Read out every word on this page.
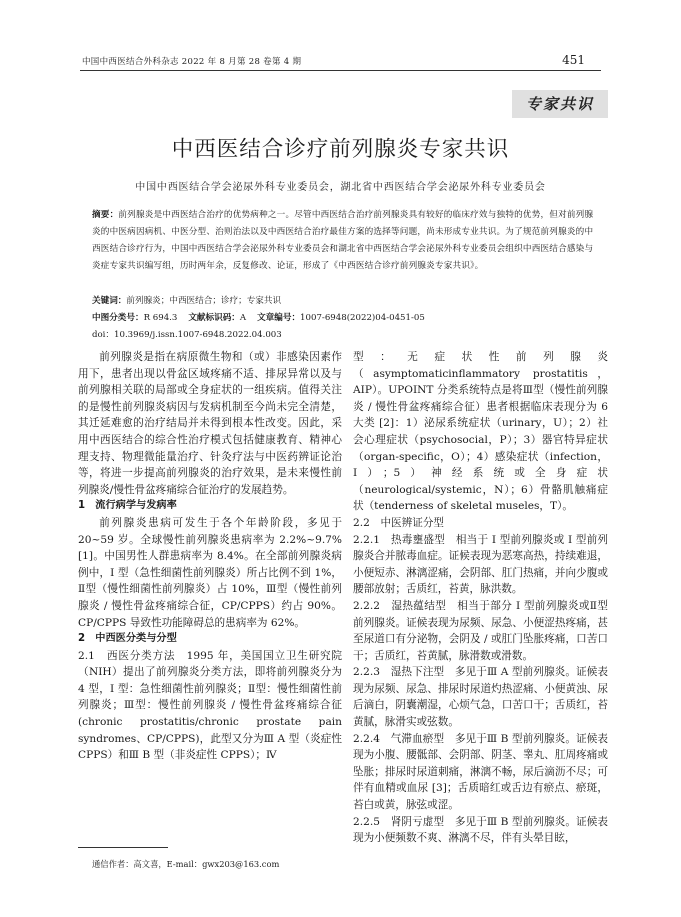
中国中西医结合外科杂志 2022 年 8 月第 28 卷第 4 期	451
专家共识
中西医结合诊疗前列腺炎专家共识
中国中西医结合学会泌尿外科专业委员会，湖北省中西医结合学会泌尿外科专业委员会
摘要：前列腺炎是中西医结合治疗的优势病种之一。尽管中西医结合治疗前列腺炎具有较好的临床疗效与独特的优势，但对前列腺炎的中医病因病机、中医分型、治则治法以及中西医结合治疗最佳方案的选择等问题，尚未形成专业共识。为了规范前列腺炎的中西医结合诊疗行为，中国中西医结合学会泌尿外科专业委员会和湖北省中西医结合学会泌尿外科专业委员会组织中西医结合感染与炎症专家共识编写组，历时两年余，反复修改、论证，形成了《中西医结合诊疗前列腺炎专家共识》。
关键词：前列腺炎；中西医结合；诊疗；专家共识
中图分类号：R 694.3 文献标识码：A 文章编号：1007-6948(2022)04-0451-05
doi：10.3969/j.issn.1007-6948.2022.04.003

前列腺炎是指在病原微生物和（或）非感染因素作用下，患者出现以骨盆区域疼痛不适、排尿异常以及与前列腺相关联的局部或全身症状的一组疾病。值得关注的是慢性前列腺炎病因与发病机制至今尚未完全清楚，其迁延难愈的治疗结局并未得到根本性改变。因此，采用中西医结合的综合性治疗模式包括健康教育、精神心理支持、物理微能量治疗、针灸疗法与中医药辨证论治等，将进一步提高前列腺炎的治疗效果，是未来慢性前列腺炎/慢性骨盆疼痛综合征治疗的发展趋势。

1　流行病学与发病率

前列腺炎患病可发生于各个年龄阶段，多见于 20~59 岁。全球慢性前列腺炎患病率为 2.2%~9.7%[1]。中国男性人群患病率为 8.4%。在全部前列腺炎病例中，I 型（急性细菌性前列腺炎）所占比例不到 1%，Ⅱ型（慢性细菌性前列腺炎）占 10%，Ⅲ型（慢性前列腺炎 / 慢性骨盆疼痛综合征，CP/CPPS）约占 90%。CP/CPPS 导致性功能障碍总的患病率为 62%。

2　中西医分类与分型

2.1　西医分类方法　 1995 年，美国国立卫生研究院（NIH）提出了前列腺炎分类方法，即将前列腺炎分为 4 型，I 型：急性细菌性前列腺炎；Ⅱ型：慢性细菌性前列腺炎；Ⅲ型：慢性前列腺炎 / 慢性骨盆疼痛综合征 (chronic prostatitis/chronic prostate pain syndromes、CP/CPPS)，此型又分为Ⅲ A 型（炎症性 CPPS）和Ⅲ B 型（非炎症性 CPPS）；Ⅳ

型：无症状性前列腺炎（asymptomaticinflammatory prostatitis，AIP）。UPOINT 分类系统特点是将Ⅲ型（慢性前列腺炎 / 慢性骨盆疼痛综合征）患者根据临床表现分为 6 大类 [2]：1）泌尿系统症状（urinary，U）；2）社会心理症状（psychosocial，P）；3）器官特异症状（organ-specific，O）；4）感染症状（infection，I）；5）神经系统或全身症状（neurological/systemic，N）；6）骨骼肌触痛症状（tenderness of skeletal museles，T）。

2.2　中医辨证分型

2.2.1　热毒壅盛型　相当于 I 型前列腺炎或 I 型前列腺炎合并脓毒血症。证候表现为恶寒高热，持续难退，小便短赤、淋漓涩痛，会阴部、肛门热痛，并向少腹或腰部放射；舌质红，苔黄，脉洪数。

2.2.2　湿热蕴结型　相当于部分 I 型前列腺炎或Ⅱ型前列腺炎。证候表现为尿频、尿急、小便涩热疼痛，甚至尿道口有分泌物，会阴及 / 或肛门坠胀疼痛，口苦口干；舌质红，苔黄腻，脉滑数或滑数。

2.2.3　湿热下注型　多见于Ⅲ A 型前列腺炎。证候表现为尿频、尿急、排尿时尿道灼热涩痛、小便黄浊、尿后滴白，阴囊潮湿，心烦气急，口苦口干；舌质红，苔黄腻，脉滑实或弦数。

2.2.4　气滞血瘀型　多见于Ⅲ B 型前列腺炎。证候表现为小腹、腰骶部、会阴部、阴茎、睾丸、肛周疼痛或坠胀；排尿时尿道刺痛，淋漓不畅，尿后滴沥不尽；可伴有血精或血尿 [3]；舌质暗红或舌边有瘀点、瘀斑，苔白或黄，脉弦或涩。

2.2.5　肾阴亏虚型　多见于Ⅲ B 型前列腺炎。证候表现为小便频数不爽、淋漓不尽，伴有头晕目眩，

通信作者：高文喜，E-mail：gwx203@163.com
